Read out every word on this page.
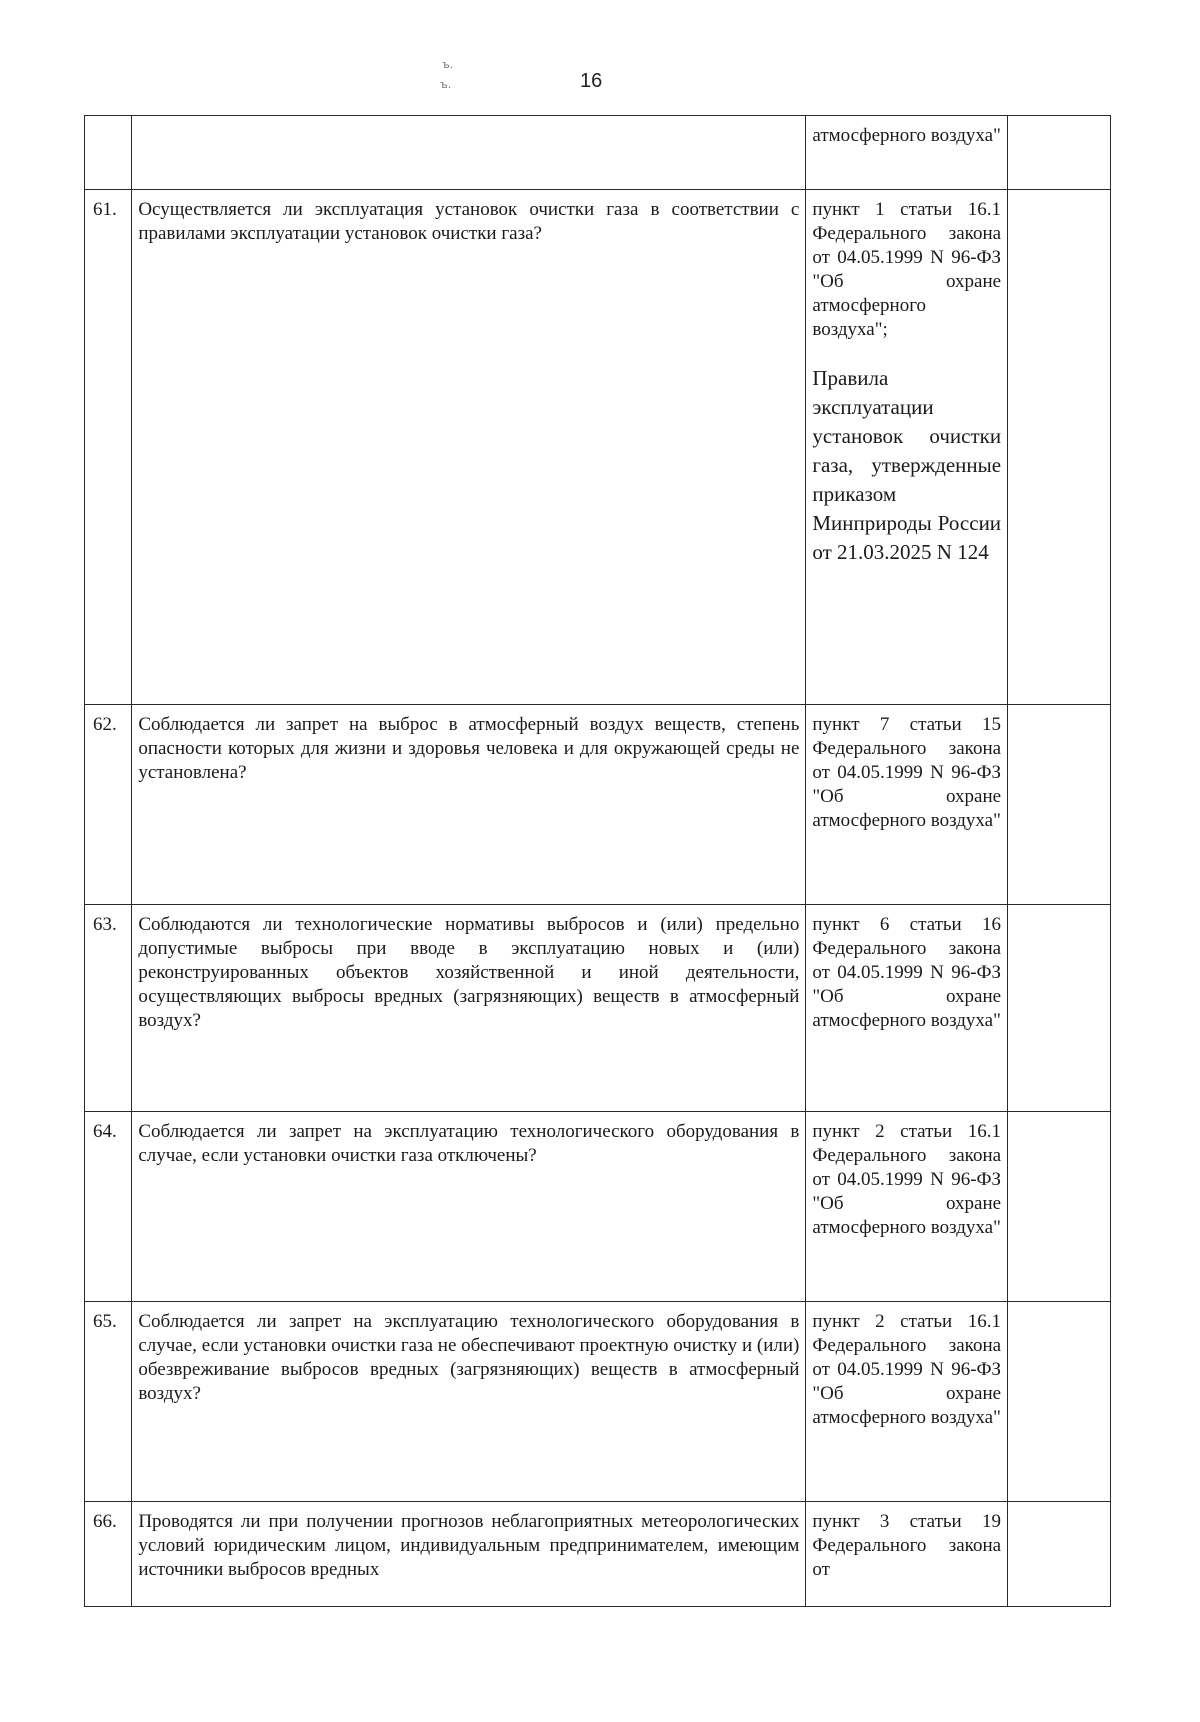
16
ъ.
ъ.

		атмосферного воздуха"	

61.	Осуществляется ли эксплуатация установок очистки газа в соответствии с правилами эксплуатации установок очистки газа?	пункт 1 статьи 16.1 Федерального закона от 04.05.1999 N 96-ФЗ "Об охране атмосферного воздуха";
Правила эксплуатации установок очистки газа, утвержденные приказом Минприроды России от 21.03.2025 N 124	

62.	Соблюдается ли запрет на выброс в атмосферный воздух веществ, степень опасности которых для жизни и здоровья человека и для окружающей среды не установлена?	пункт 7 статьи 15 Федерального закона от 04.05.1999 N 96-ФЗ "Об охране атмосферного воздуха"	

63.	Соблюдаются ли технологические нормативы выбросов и (или) предельно допустимые выбросы при вводе в эксплуатацию новых и (или) реконструированных объектов хозяйственной и иной деятельности, осуществляющих выбросы вредных (загрязняющих) веществ в атмосферный воздух?	пункт 6 статьи 16 Федерального закона от 04.05.1999 N 96-ФЗ "Об охране атмосферного воздуха"	

64.	Соблюдается ли запрет на эксплуатацию технологического оборудования в случае, если установки очистки газа отключены?	пункт 2 статьи 16.1 Федерального закона от 04.05.1999 N 96-ФЗ "Об охране атмосферного воздуха"	

65.	Соблюдается ли запрет на эксплуатацию технологического оборудования в случае, если установки очистки газа не обеспечивают проектную очистку и (или) обезвреживание выбросов вредных (загрязняющих) веществ в атмосферный воздух?	пункт 2 статьи 16.1 Федерального закона от 04.05.1999 N 96-ФЗ "Об охране атмосферного воздуха"	

66.	Проводятся ли при получении прогнозов неблагоприятных метеорологических условий юридическим лицом, индивидуальным предпринимателем, имеющим источники выбросов вредных	пункт 3 статьи 19 Федерального закона от	
